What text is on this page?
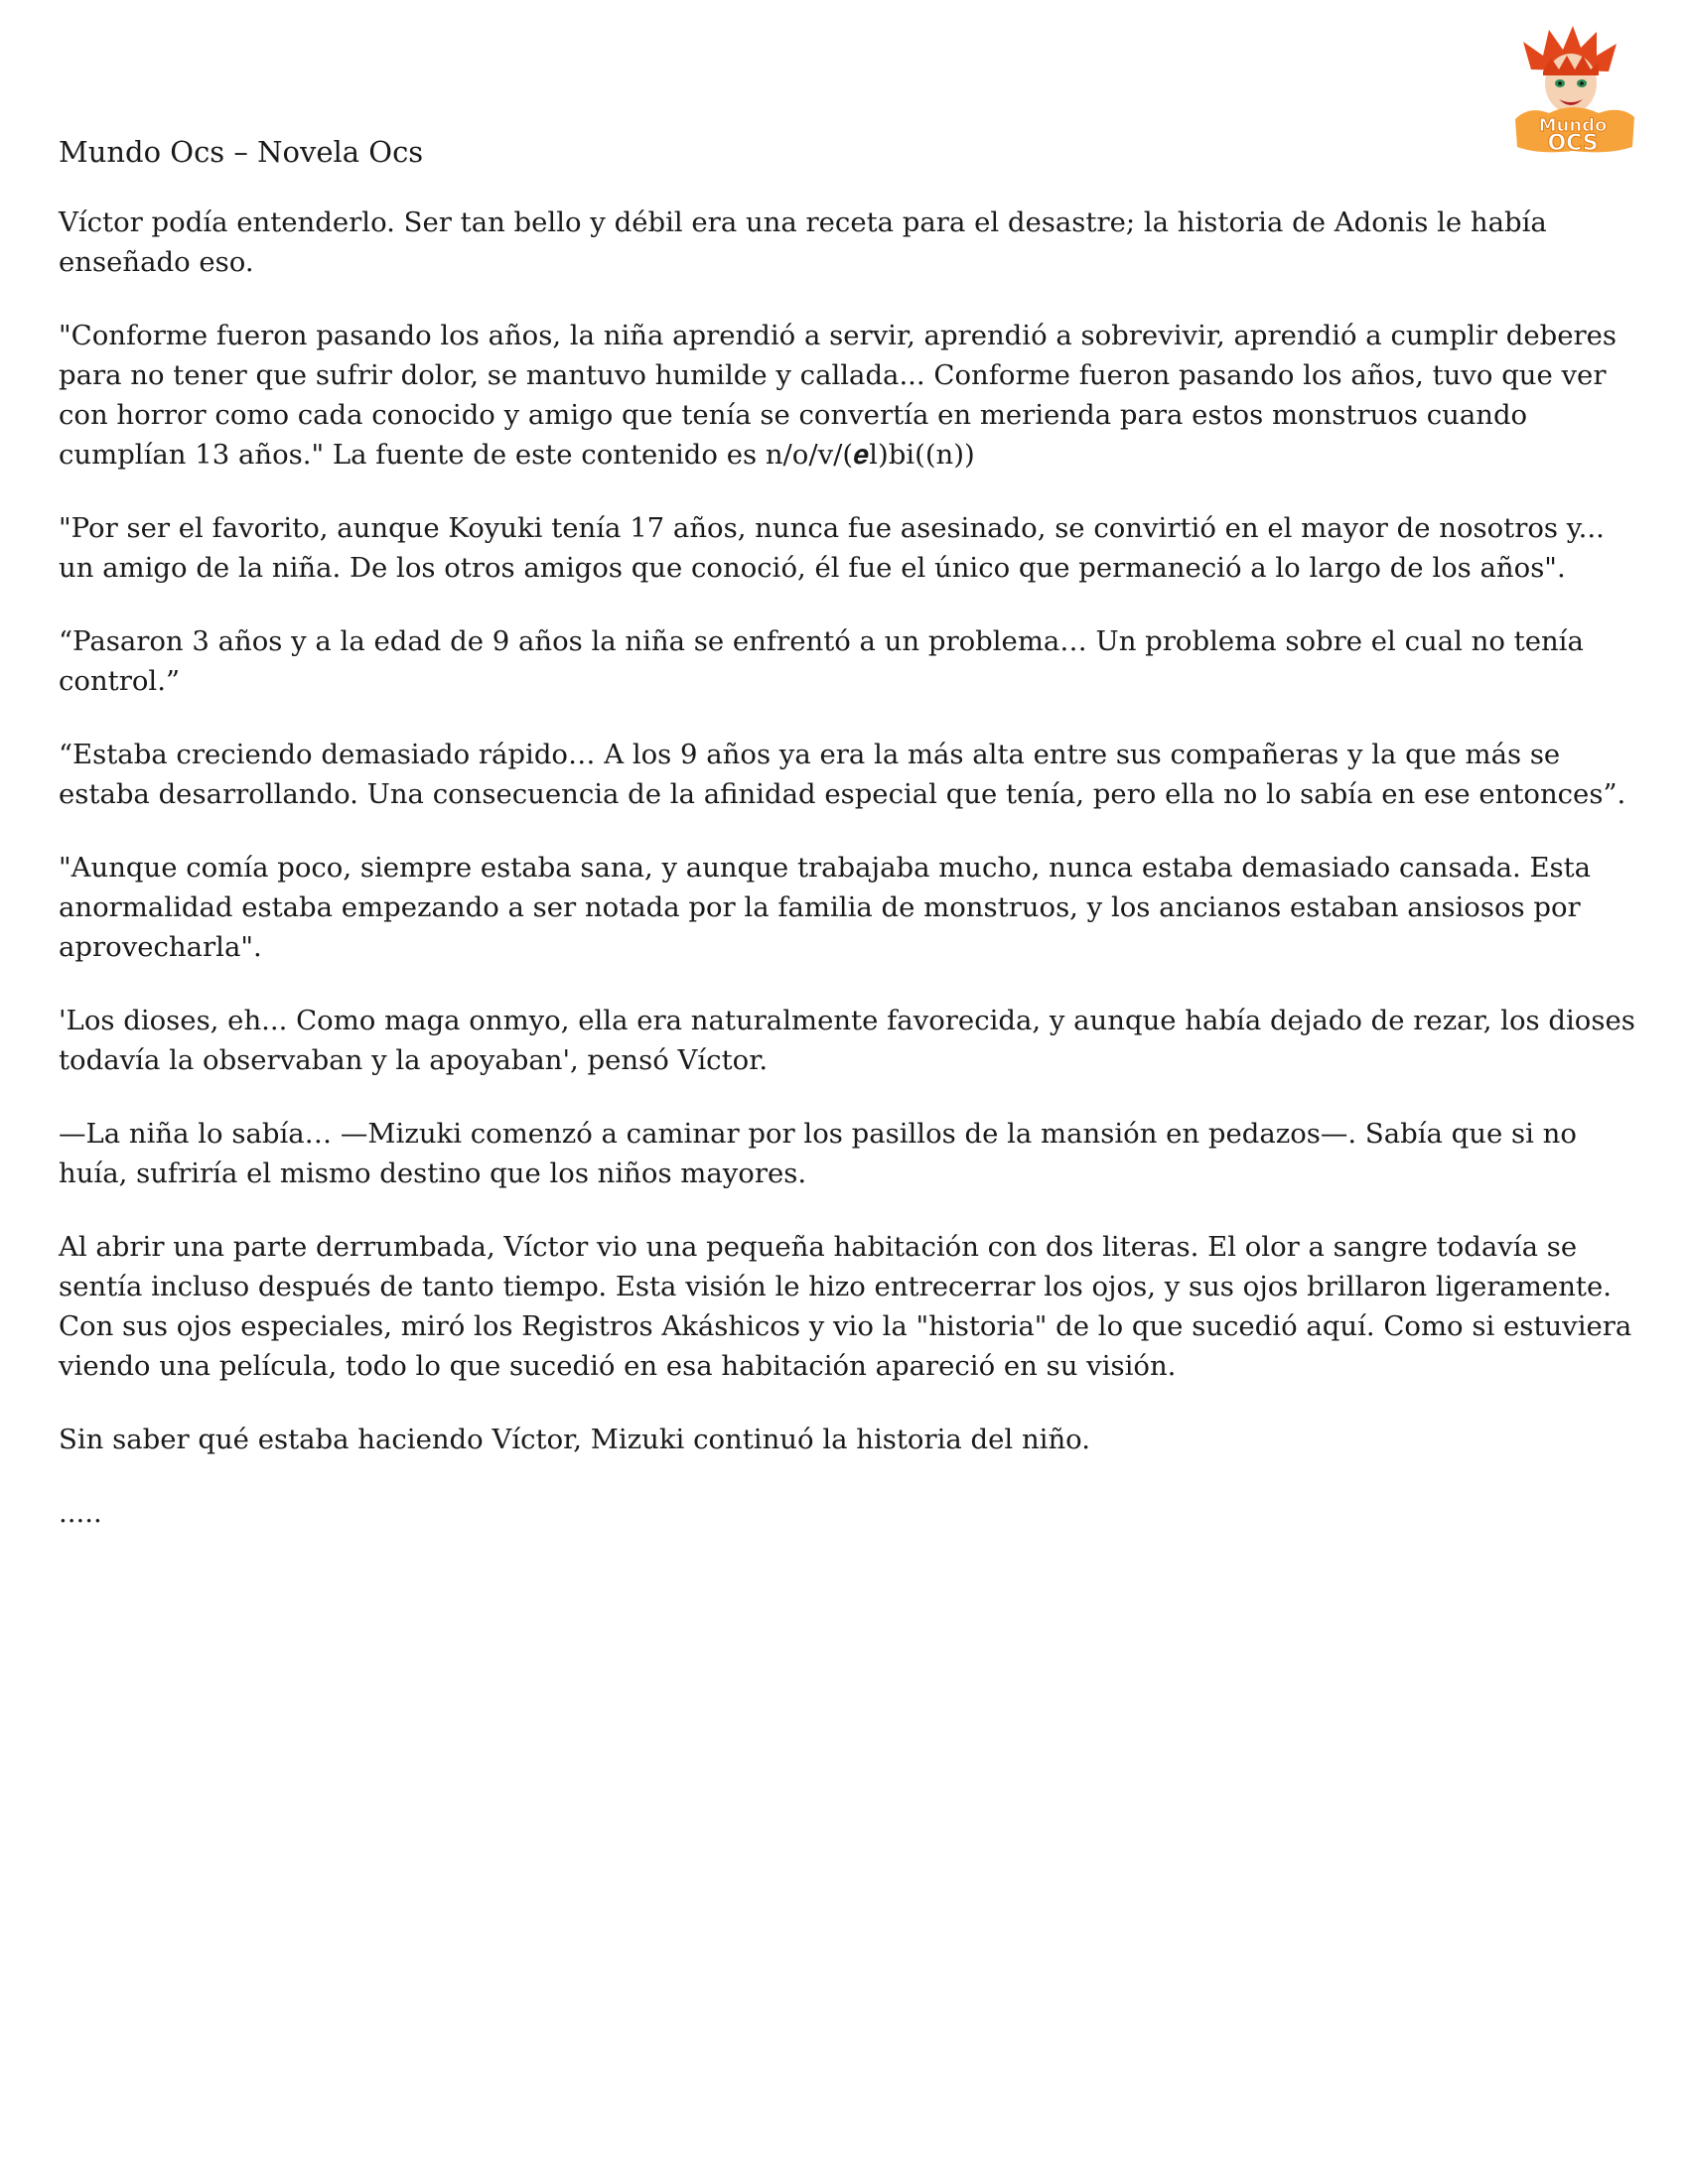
Mundo Ocs – Novela Ocs
Mundo
OCS

Víctor podía entenderlo. Ser tan bello y débil era una receta para el desastre; la historia de Adonis le había enseñado eso.

"Conforme fueron pasando los años, la niña aprendió a servir, aprendió a sobrevivir, aprendió a cumplir deberes para no tener que sufrir dolor, se mantuvo humilde y callada... Conforme fueron pasando los años, tuvo que ver con horror como cada conocido y amigo que tenía se convertía en merienda para estos monstruos cuando cumplían 13 años." La fuente de este contenido es n/o/v/(𝒆l)bi((n))

"Por ser el favorito, aunque Koyuki tenía 17 años, nunca fue asesinado, se convirtió en el mayor de nosotros y... un amigo de la niña. De los otros amigos que conoció, él fue el único que permaneció a lo largo de los años".

“Pasaron 3 años y a la edad de 9 años la niña se enfrentó a un problema… Un problema sobre el cual no tenía control.”

“Estaba creciendo demasiado rápido… A los 9 años ya era la más alta entre sus compañeras y la que más se estaba desarrollando. Una consecuencia de la afinidad especial que tenía, pero ella no lo sabía en ese entonces”.

"Aunque comía poco, siempre estaba sana, y aunque trabajaba mucho, nunca estaba demasiado cansada. Esta anormalidad estaba empezando a ser notada por la familia de monstruos, y los ancianos estaban ansiosos por aprovecharla".

'Los dioses, eh... Como maga onmyo, ella era naturalmente favorecida, y aunque había dejado de rezar, los dioses todavía la observaban y la apoyaban', pensó Víctor.

—La niña lo sabía… —Mizuki comenzó a caminar por los pasillos de la mansión en pedazos—. Sabía que si no huía, sufriría el mismo destino que los niños mayores.

Al abrir una parte derrumbada, Víctor vio una pequeña habitación con dos literas. El olor a sangre todavía se sentía incluso después de tanto tiempo. Esta visión le hizo entrecerrar los ojos, y sus ojos brillaron ligeramente. Con sus ojos especiales, miró los Registros Akáshicos y vio la "historia" de lo que sucedió aquí. Como si estuviera viendo una película, todo lo que sucedió en esa habitación apareció en su visión.

Sin saber qué estaba haciendo Víctor, Mizuki continuó la historia del niño.

.....
